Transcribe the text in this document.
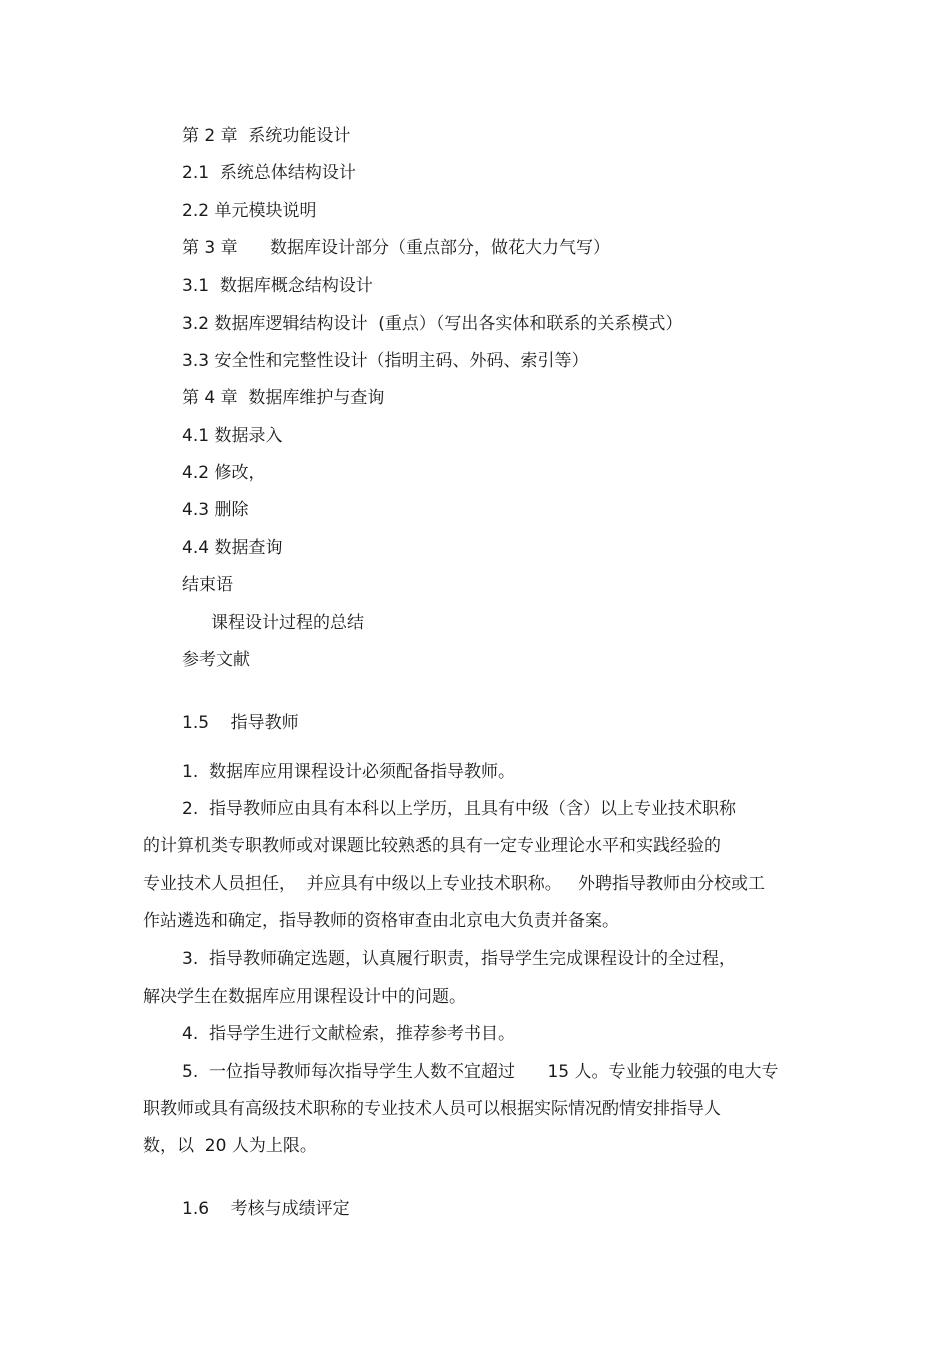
第 2 章  系统功能设计
2.1  系统总体结构设计
2.2 单元模块说明
第 3 章      数据库设计部分（重点部分，做花大力气写）
3.1  数据库概念结构设计
3.2 数据库逻辑结构设计  (重点）（写出各实体和联系的关系模式）
3.3 安全性和完整性设计（指明主码、外码、索引等）
第 4 章  数据库维护与查询
4.1 数据录入
4.2 修改，
4.3 删除
4.4 数据查询
结束语
课程设计过程的总结
参考文献
1.5    指导教师
1.  数据库应用课程设计必须配备指导教师。
2.  指导教师应由具有本科以上学历，且具有中级（含）以上专业技术职称
的计算机类专职教师或对课题比较熟悉的具有一定专业理论水平和实践经验的
专业技术人员担任，  并应具有中级以上专业技术职称。   外聘指导教师由分校或工
作站遴选和确定，指导教师的资格审查由北京电大负责并备案。
3.  指导教师确定选题，认真履行职责，指导学生完成课程设计的全过程，
解决学生在数据库应用课程设计中的问题。
4.  指导学生进行文献检索，推荐参考书目。
5.  一位指导教师每次指导学生人数不宜超过      15 人。专业能力较强的电大专
职教师或具有高级技术职称的专业技术人员可以根据实际情况酌情安排指导人
数，以  20 人为上限。
1.6    考核与成绩评定
